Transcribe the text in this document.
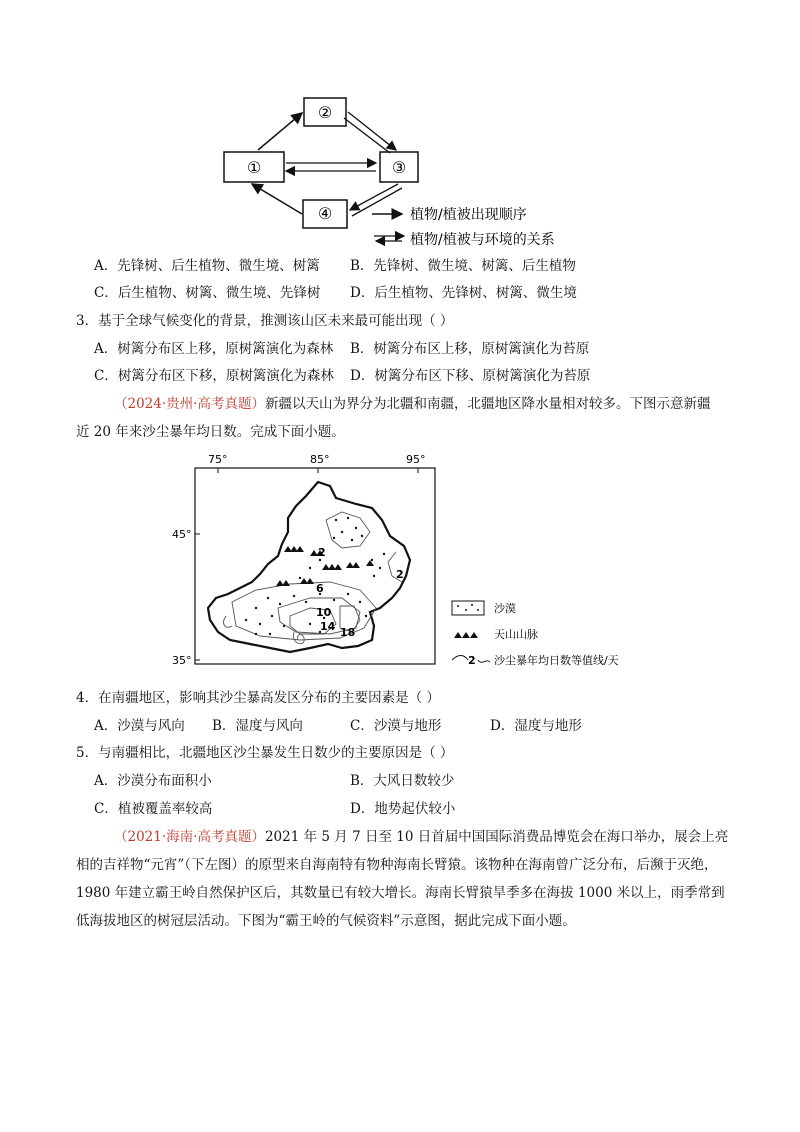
①
②
③
④	植物/植被出现顺序
植物/植被与环境的关系
A．先锋树、后生植物、微生境、树篱 B．先锋树、微生境、树篱、后生植物
C．后生植物、树篱、微生境、先锋树 D．后生植物、先锋树、树篱、微生境
3．基于全球气候变化的背景，推测该山区未来最可能出现（ ）
A．树篱分布区上移，原树篱演化为森林 B．树篱分布区上移，原树篱演化为苔原
C．树篱分布区下移，原树篱演化为森林 D．树篱分布区下移、原树篱演化为苔原
（2024·贵州·高考真题）新疆以天山为界分为北疆和南疆，北疆地区降水量相对较多。下图示意新疆
近 20 年来沙尘暴年均日数。完成下面小题。
75°	85°	95°
45°
35°
2
2
6
10
14 18
沙漠
天山山脉
2 沙尘暴年均日数等值线/天
4．在南疆地区，影响其沙尘暴高发区分布的主要因素是（ ）
A．沙漠与风向 B．湿度与风向	C．沙漠与地形	D．湿度与地形
5．与南疆相比，北疆地区沙尘暴发生日数少的主要原因是（ ）
A．沙漠分布面积小	B．大风日数较少
C．植被覆盖率较高	D．地势起伏较小
（2021·海南·高考真题）2021 年 5 月 7 日至 10 日首届中国国际消费品博览会在海口举办，展会上亮
相的吉祥物“元宵”（下左图）的原型来自海南特有物种海南长臂猿。该物种在海南曾广泛分布，后濒于灭绝，
1980 年建立霸王岭自然保护区后，其数量已有较大增长。海南长臂猿旱季多在海拔 1000 米以上，雨季常到
低海拔地区的树冠层活动。下图为“霸王岭的气候资料”示意图，据此完成下面小题。
